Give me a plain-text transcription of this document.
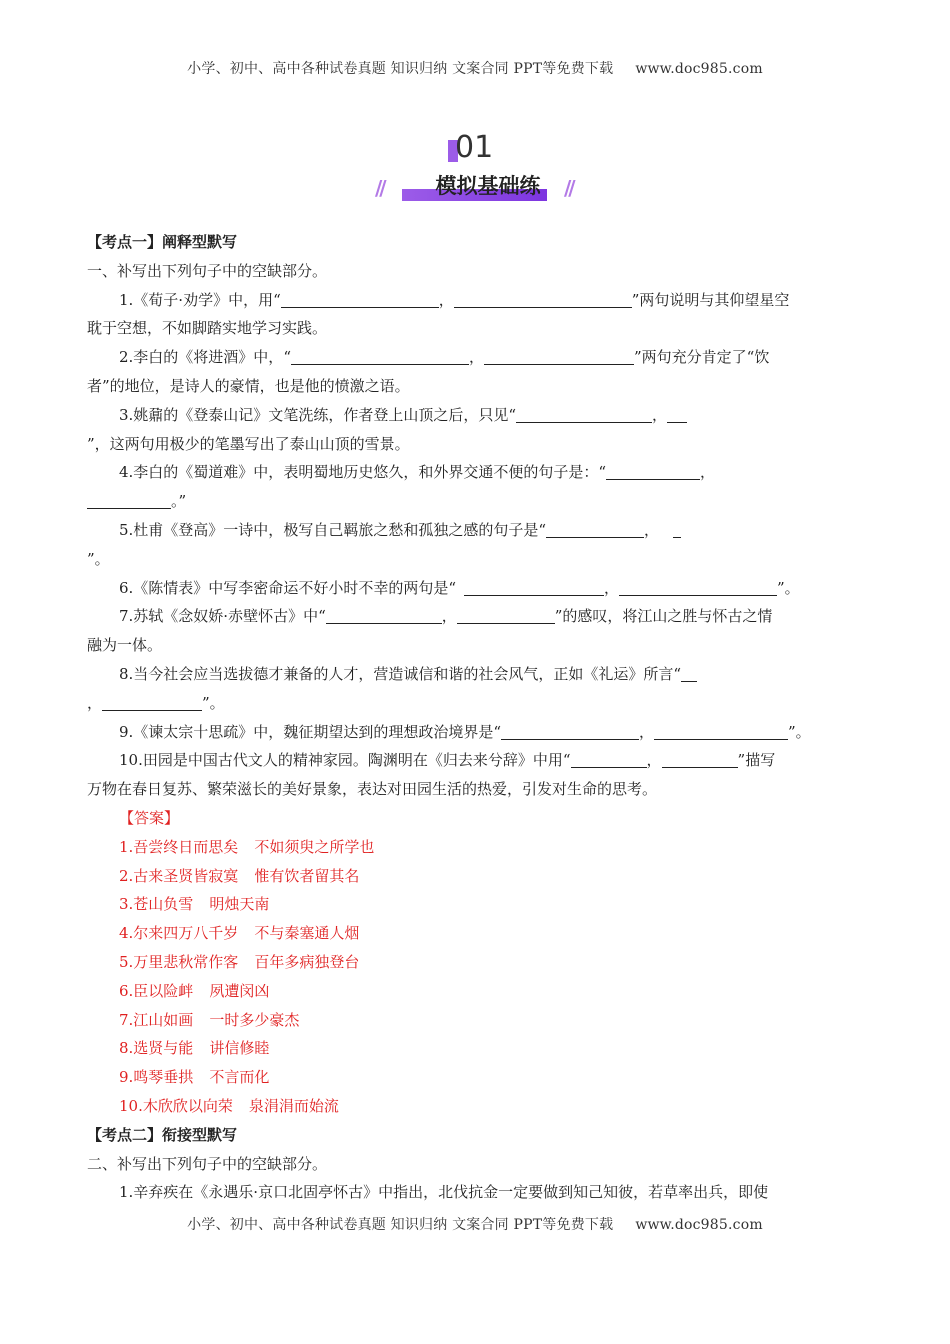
小学、初中、高中各种试卷真题 知识归纳 文案合同 PPT等免费下载 www.doc985.com
01
//	模拟基础练	//
【考点一】阐释型默写
一、补写出下列句子中的空缺部分。
1.《荀子·劝学》中，用“	，	”两句说明与其仰望星空
耽于空想，不如脚踏实地学习实践。
2.李白的《将进酒》中，“	，	”两句充分肯定了“饮
者”的地位，是诗人的豪情，也是他的愤激之语。
3.姚鼐的《登泰山记》文笔洗练，作者登上山顶之后，只见“	，
”，这两句用极少的笔墨写出了泰山山顶的雪景。
4.李白的《蜀道难》中，表明蜀地历史悠久，和外界交通不便的句子是：“	，
。”
5.杜甫《登高》一诗中，极写自己羁旅之愁和孤独之感的句子是“	，
”。
6.《陈情表》中写李密命运不好小时不幸的两句是“	，	”。
7.苏轼《念奴娇·赤壁怀古》中“	，	”的感叹，将江山之胜与怀古之情
融为一体。
8.当今社会应当选拔德才兼备的人才，营造诚信和谐的社会风气，正如《礼运》所言“
，	”。
9.《谏太宗十思疏》中，魏征期望达到的理想政治境界是“	，	”。
10.田园是中国古代文人的精神家园。陶渊明在《归去来兮辞》中用“	，	”描写
万物在春日复苏、繁荣滋长的美好景象，表达对田园生活的热爱，引发对生命的思考。
【答案】
1.吾尝终日而思矣 不如须臾之所学也
2.古来圣贤皆寂寞 惟有饮者留其名
3.苍山负雪 明烛天南
4.尔来四万八千岁 不与秦塞通人烟
5.万里悲秋常作客 百年多病独登台
6.臣以险衅 夙遭闵凶
7.江山如画 一时多少豪杰
8.选贤与能 讲信修睦
9.鸣琴垂拱 不言而化
10.木欣欣以向荣 泉涓涓而始流
【考点二】衔接型默写
二、补写出下列句子中的空缺部分。
1.辛弃疾在《永遇乐·京口北固亭怀古》中指出，北伐抗金一定要做到知己知彼，若草率出兵，即使
小学、初中、高中各种试卷真题 知识归纳 文案合同 PPT等免费下载 www.doc985.com
